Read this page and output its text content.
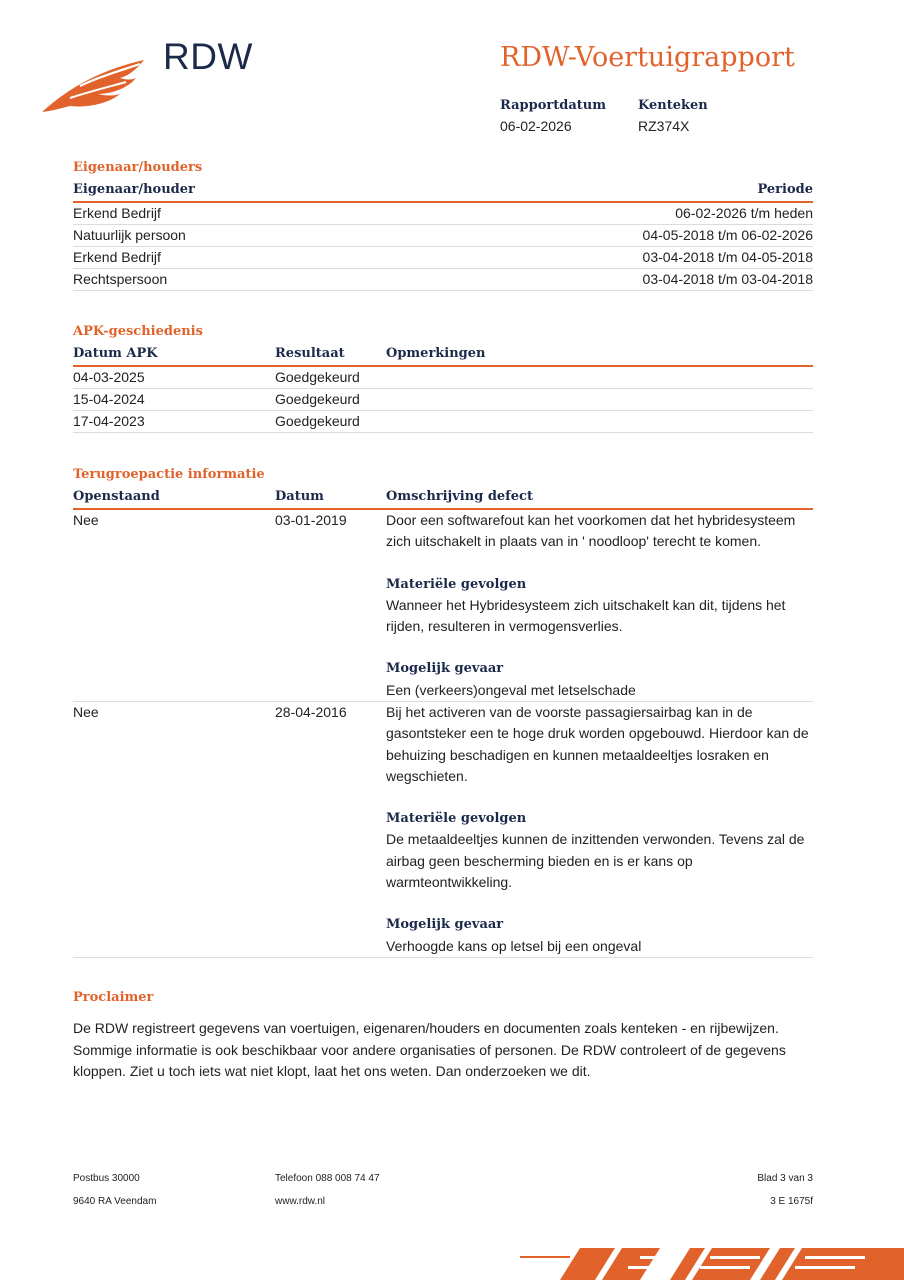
RDW	RDW-Voertuigrapport
Rapportdatum
06-02-2026
Kenteken
RZ374X
Eigenaar/houders
Eigenaar/houder	Periode
Erkend Bedrijf	06-02-2026 t/m heden
Natuurlijk persoon	04-05-2018 t/m 06-02-2026
Erkend Bedrijf	03-04-2018 t/m 04-05-2018
Rechtspersoon	03-04-2018 t/m 03-04-2018
APK-geschiedenis
Datum APK	Resultaat	Opmerkingen
04-03-2025	Goedgekeurd
15-04-2024	Goedgekeurd
17-04-2023	Goedgekeurd
Terugroepactie informatie
Openstaand	Datum	Omschrijving defect
Nee	03-01-2019	Door een softwarefout kan het voorkomen dat het hybridesysteem zich uitschakelt in plaats van in ' noodloop' terecht te komen.
Materiële gevolgen
Wanneer het Hybridesysteem zich uitschakelt kan dit, tijdens het rijden, resulteren in vermogensverlies.
Mogelijk gevaar
Een (verkeers)ongeval met letselschade
Nee	28-04-2016	Bij het activeren van de voorste passagiersairbag kan in de gasontsteker een te hoge druk worden opgebouwd. Hierdoor kan de behuizing beschadigen en kunnen metaaldeeltjes losraken en wegschieten.
Materiële gevolgen
De metaaldeeltjes kunnen de inzittenden verwonden. Tevens zal de airbag geen bescherming bieden en is er kans op warmteontwikkeling.
Mogelijk gevaar
Verhoogde kans op letsel bij een ongeval
Proclaimer
De RDW registreert gegevens van voertuigen, eigenaren/houders en documenten zoals kenteken - en rijbewijzen. Sommige informatie is ook beschikbaar voor andere organisaties of personen. De RDW controleert of de gegevens kloppen. Ziet u toch iets wat niet klopt, laat het ons weten. Dan onderzoeken we dit.
Postbus 30000
9640 RA Veendam
Telefoon 088 008 74 47
www.rdw.nl
Blad 3 van 3
3 E 1675f
